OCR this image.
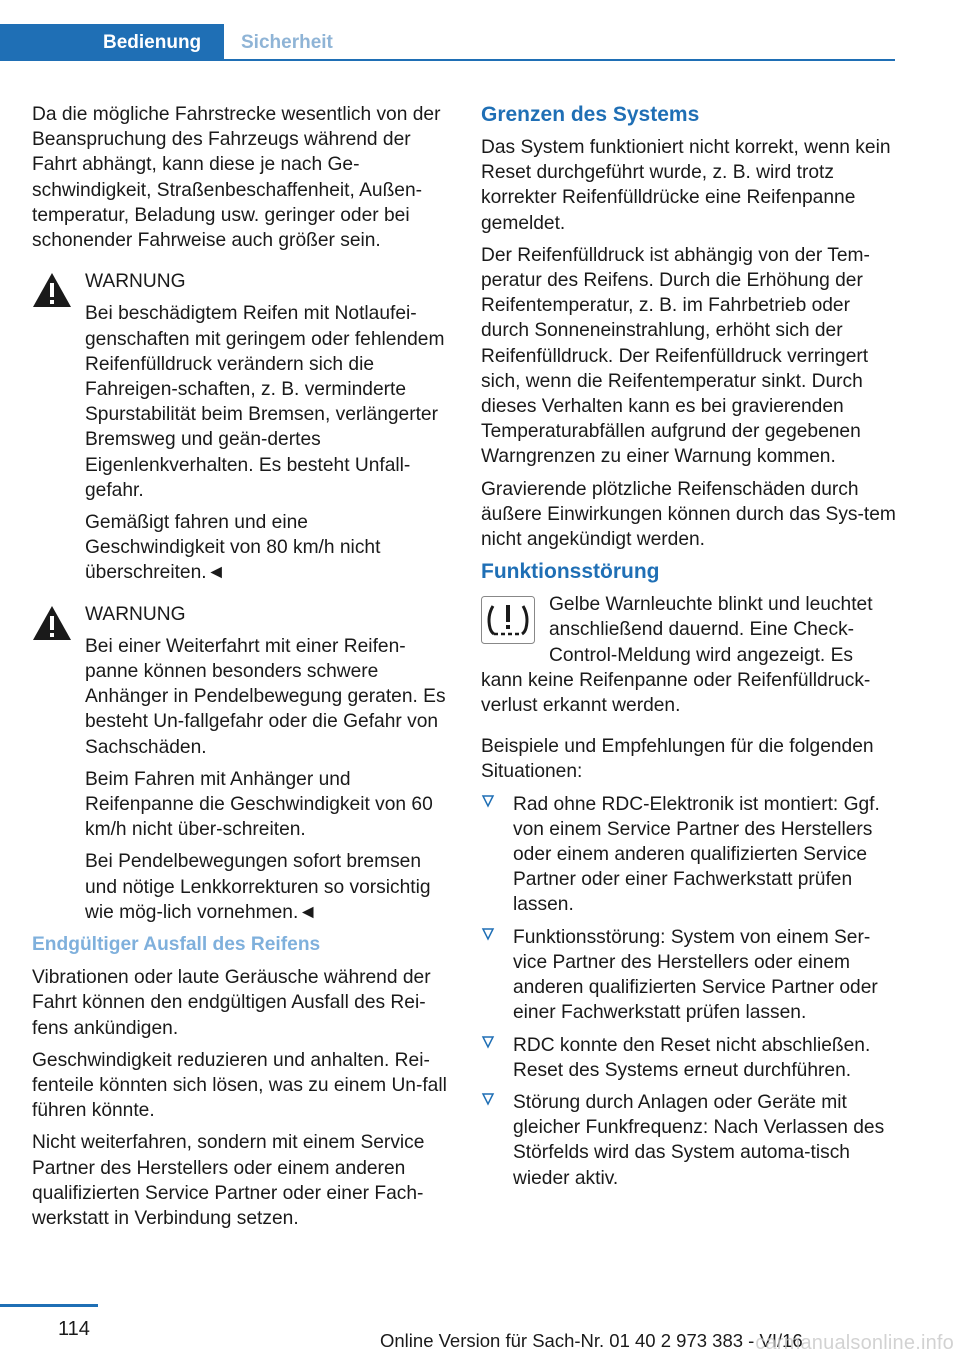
Bedienung	Sicherheit

Da die mögliche Fahrstrecke wesentlich von der Beanspruchung des Fahrzeugs während der Fahrt abhängt, kann diese je nach Ge-schwindigkeit, Straßenbeschaffenheit, Außen-temperatur, Beladung usw. geringer oder bei schonender Fahrweise auch größer sein.

WARNUNG

Bei beschädigtem Reifen mit Notlaufei-

genschaften mit geringem oder fehlendem Reifenfülldruck verändern sich die Fahreigen-schaften, z. B. verminderte Spurstabilität beim Bremsen, verlängerter Bremsweg und geän-dertes Eigenlenkverhalten. Es besteht Unfall-gefahr.

Gemäßigt fahren und eine Geschwindigkeit von 80 km/h nicht überschreiten.◄

WARNUNG

Bei einer Weiterfahrt mit einer Reifen-

panne können besonders schwere Anhänger in Pendelbewegung geraten. Es besteht Un-fallgefahr oder die Gefahr von Sachschäden.

Beim Fahren mit Anhänger und Reifenpanne die Geschwindigkeit von 60 km/h nicht über-schreiten.

Bei Pendelbewegungen sofort bremsen und nötige Lenkkorrekturen so vorsichtig wie mög-lich vornehmen.◄

Endgültiger Ausfall des Reifens

Vibrationen oder laute Geräusche während der Fahrt können den endgültigen Ausfall des Rei-fens ankündigen.

Geschwindigkeit reduzieren und anhalten. Rei-fenteile könnten sich lösen, was zu einem Un-fall führen könnte.

Nicht weiterfahren, sondern mit einem Service Partner des Herstellers oder einem anderen qualifizierten Service Partner oder einer Fach-werkstatt in Verbindung setzen.

Grenzen des Systems

Das System funktioniert nicht korrekt, wenn kein Reset durchgeführt wurde, z. B. wird trotz korrekter Reifenfülldrücke eine Reifenpanne gemeldet.

Der Reifenfülldruck ist abhängig von der Tem-peratur des Reifens. Durch die Erhöhung der Reifentemperatur, z. B. im Fahrbetrieb oder durch Sonneneinstrahlung, erhöht sich der Reifenfülldruck. Der Reifenfülldruck verringert sich, wenn die Reifentemperatur sinkt. Durch dieses Verhalten kann es bei gravierenden Temperaturabfällen aufgrund der gegebenen Warngrenzen zu einer Warnung kommen.

Gravierende plötzliche Reifenschäden durch äußere Einwirkungen können durch das Sys-tem nicht angekündigt werden.

Funktionsstörung

Gelbe Warnleuchte blinkt und leuchtet anschließend dauernd. Eine Check-Control-Meldung wird angezeigt. Es kann keine Reifenpanne oder Reifenfülldruck-verlust erkannt werden.

Beispiele und Empfehlungen für die folgenden Situationen:

Rad ohne RDC-Elektronik ist montiert: Ggf. von einem Service Partner des Herstellers oder einem anderen qualifizierten Service Partner oder einer Fachwerkstatt prüfen lassen.
Funktionsstörung: System von einem Ser-vice Partner des Herstellers oder einem anderen qualifizierten Service Partner oder einer Fachwerkstatt prüfen lassen.
RDC konnte den Reset nicht abschließen. Reset des Systems erneut durchführen.
Störung durch Anlagen oder Geräte mit gleicher Funkfrequenz: Nach Verlassen des Störfelds wird das System automa-tisch wieder aktiv.
114
Online Version für Sach-Nr. 01 40 2 973 383 - VI/16
carmanualsonline.info
